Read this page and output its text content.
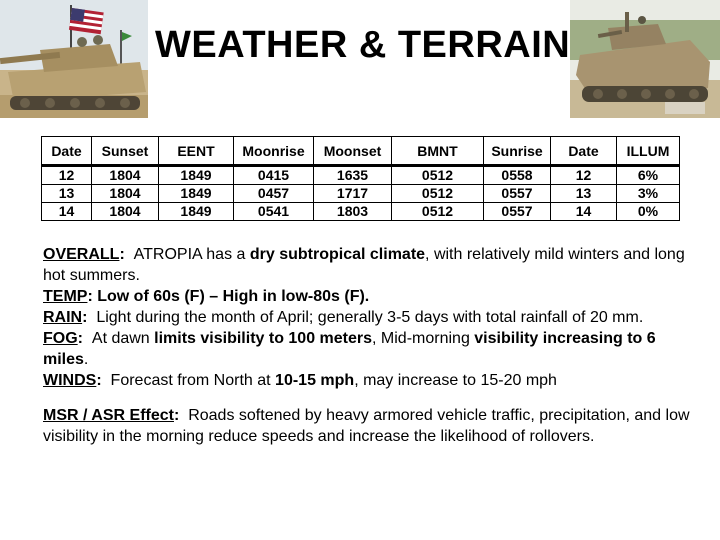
WEATHER & TERRAIN
Date	Sunset	EENT	Moonrise	Moonset	BMNT	Sunrise	Date	ILLUM
12	1804	1849	0415	1635	0512	0558	12	6%
13	1804	1849	0457	1717	0512	0557	13	3%
14	1804	1849	0541	1803	0512	0557	14	0%

OVERALL: ATROPIA has a dry subtropical climate, with relatively mild winters and long hot summers.

TEMP: Low of 60s (F) – High in low-80s (F).

RAIN: Light during the month of April; generally 3-5 days with total rainfall of 20 mm.

FOG: At dawn limits visibility to 100 meters, Mid-morning visibility increasing to 6 miles.

WINDS: Forecast from North at 10-15 mph, may increase to 15-20 mph

MSR / ASR Effect: Roads softened by heavy armored vehicle traffic, precipitation, and low visibility in the morning reduce speeds and increase the likelihood of rollovers.
